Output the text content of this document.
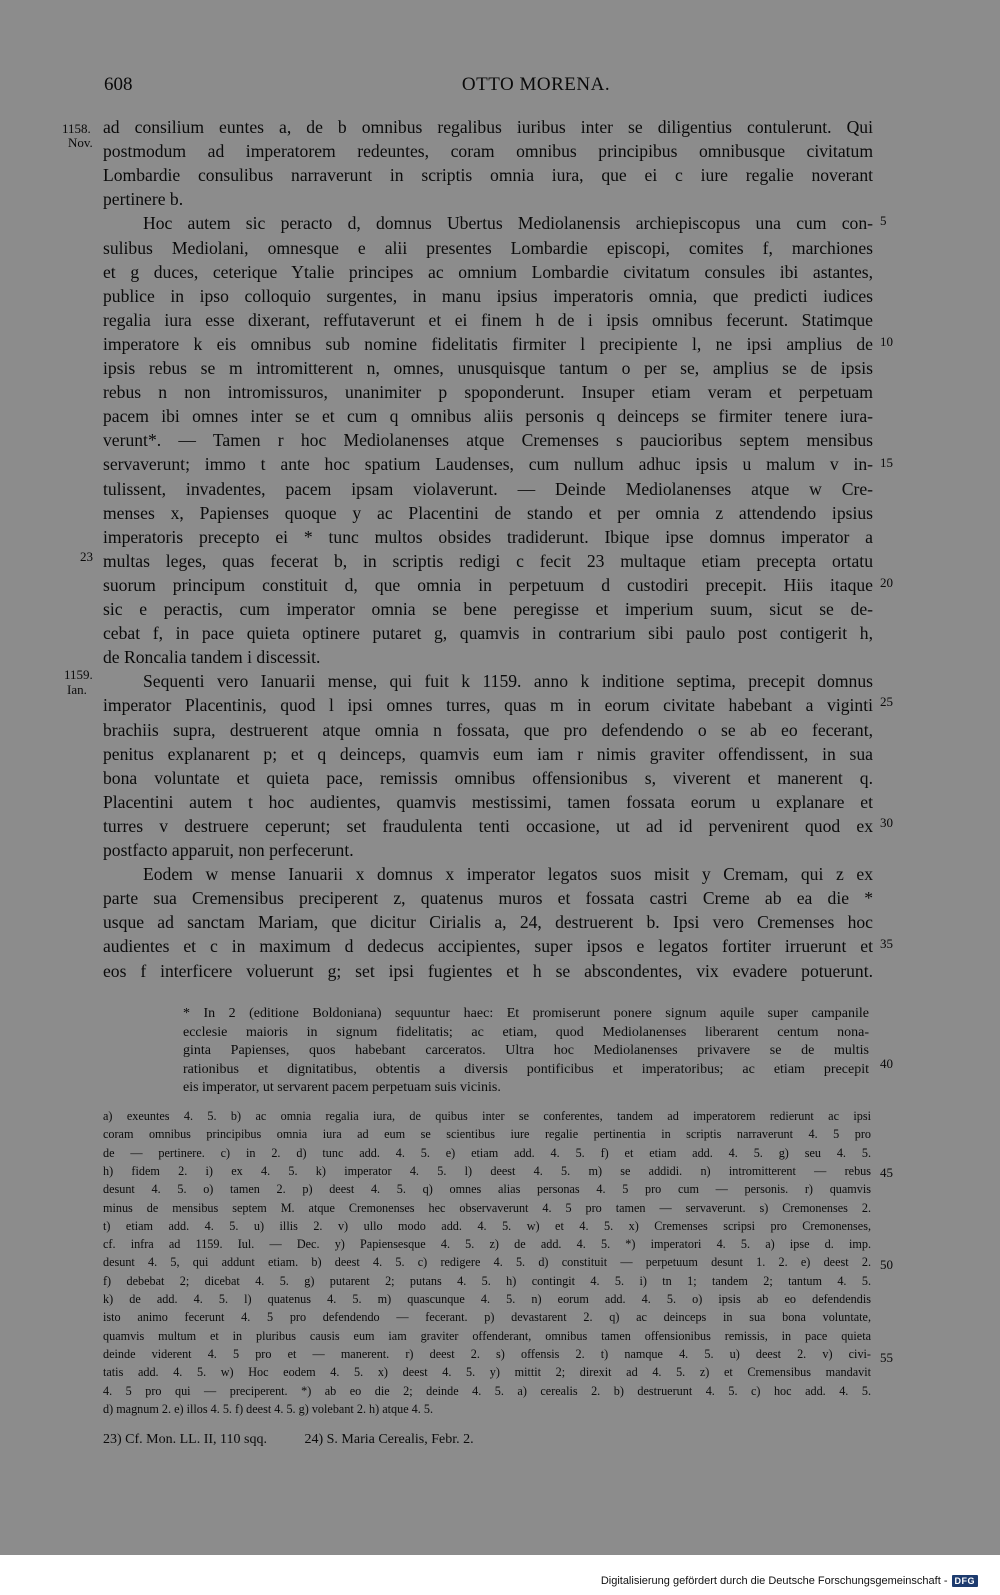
608	OTTO MORENA.
1158.
Nov.
23
1159.
Ian.
5
10
15
20
25
30
35
40
45
50
55
ad consilium euntes a, de b omnibus regalibus iuribus inter se diligentius contulerunt. Qui
postmodum ad imperatorem redeuntes, coram omnibus principibus omnibusque civitatum
Lombardie consulibus narraverunt in scriptis omnia iura, que ei c iure regalie noverant
pertinere b.
Hoc autem sic peracto d, domnus Ubertus Mediolanensis archiepiscopus una cum con-
sulibus Mediolani, omnesque e alii presentes Lombardie episcopi, comites f, marchiones
et g duces, ceterique Ytalie principes ac omnium Lombardie civitatum consules ibi astantes,
publice in ipso colloquio surgentes, in manu ipsius imperatoris omnia, que predicti iudices
regalia iura esse dixerant, reffutaverunt et ei finem h de i ipsis omnibus fecerunt. Statimque
imperatore k eis omnibus sub nomine fidelitatis firmiter l precipiente l, ne ipsi amplius de
ipsis rebus se m intromitterent n, omnes, unusquisque tantum o per se, amplius se de ipsis
rebus n non intromissuros, unanimiter p spoponderunt. Insuper etiam veram et perpetuam
pacem ibi omnes inter se et cum q omnibus aliis personis q deinceps se firmiter tenere iura-
verunt*. — Tamen r hoc Mediolanenses atque Cremenses s paucioribus septem mensibus
servaverunt; immo t ante hoc spatium Laudenses, cum nullum adhuc ipsis u malum v in-
tulissent, invadentes, pacem ipsam violaverunt. — Deinde Mediolanenses atque w Cre-
menses x, Papienses quoque y ac Placentini de stando et per omnia z attendendo ipsius
imperatoris precepto ei * tunc multos obsides tradiderunt. Ibique ipse domnus imperator a
multas leges, quas fecerat b, in scriptis redigi c fecit 23 multaque etiam precepta ortatu
suorum principum constituit d, que omnia in perpetuum d custodiri precepit. Hiis itaque
sic e peractis, cum imperator omnia se bene peregisse et imperium suum, sicut se de-
cebat f, in pace quieta optinere putaret g, quamvis in contrarium sibi paulo post contigerit h,
de Roncalia tandem i discessit.
Sequenti vero Ianuarii mense, qui fuit k 1159. anno k inditione septima, precepit domnus
imperator Placentinis, quod l ipsi omnes turres, quas m in eorum civitate habebant a viginti
brachiis supra, destruerent atque omnia n fossata, que pro defendendo o se ab eo fecerant,
penitus explanarent p; et q deinceps, quamvis eum iam r nimis graviter offendissent, in sua
bona voluntate et quieta pace, remissis omnibus offensionibus s, viverent et manerent q.
Placentini autem t hoc audientes, quamvis mestissimi, tamen fossata eorum u explanare et
turres v destruere ceperunt; set fraudulenta tenti occasione, ut ad id pervenirent quod ex
postfacto apparuit, non perfecerunt.
Eodem w mense Ianuarii x domnus x imperator legatos suos misit y Cremam, qui z ex
parte sua Cremensibus preciperent z, quatenus muros et fossata castri Creme ab ea die *
usque ad sanctam Mariam, que dicitur Cirialis a, 24, destruerent b. Ipsi vero Cremenses hoc
audientes et c in maximum d dedecus accipientes, super ipsos e legatos fortiter irruerunt et
eos f interficere voluerunt g; set ipsi fugientes et h se abscondentes, vix evadere potuerunt.
* In 2 (editione Boldoniana) sequuntur haec: Et promiserunt ponere signum aquile super campanile
ecclesie maioris in signum fidelitatis; ac etiam, quod Mediolanenses liberarent centum nona-
ginta Papienses, quos habebant carceratos. Ultra hoc Mediolanenses privavere se de multis
rationibus et dignitatibus, obtentis a diversis pontificibus et imperatoribus; ac etiam precepit
eis imperator, ut servarent pacem perpetuam suis vicinis.
a) exeuntes 4. 5. b) ac omnia regalia iura, de quibus inter se conferentes, tandem ad imperatorem redierunt ac ipsi
coram omnibus principibus omnia iura ad eum se scientibus iure regalie pertinentia in scriptis narraverunt 4. 5 pro
de — pertinere. c) in 2. d) tunc add. 4. 5. e) etiam add. 4. 5. f) et etiam add. 4. 5. g) seu 4. 5.
h) fidem 2. i) ex 4. 5. k) imperator 4. 5. l) deest 4. 5. m) se addidi. n) intromitterent — rebus
desunt 4. 5. o) tamen 2. p) deest 4. 5. q) omnes alias personas 4. 5 pro cum — personis. r) quamvis
minus de mensibus septem M. atque Cremonenses hec observaverunt 4. 5 pro tamen — servaverunt. s) Cremonenses 2.
t) etiam add. 4. 5. u) illis 2. v) ullo modo add. 4. 5. w) et 4. 5. x) Cremenses scripsi pro Cremonenses,
cf. infra ad 1159. Iul. — Dec. y) Papiensesque 4. 5. z) de add. 4. 5. *) imperatori 4. 5. a) ipse d. imp.
desunt 4. 5, qui addunt etiam. b) deest 4. 5. c) redigere 4. 5. d) constituit — perpetuum desunt 1. 2. e) deest 2.
f) debebat 2; dicebat 4. 5. g) putarent 2; putans 4. 5. h) contingit 4. 5. i) tn 1; tandem 2; tantum 4. 5.
k) de add. 4. 5. l) quatenus 4. 5. m) quascunque 4. 5. n) eorum add. 4. 5. o) ipsis ab eo defendendis
isto animo fecerunt 4. 5 pro defendendo — fecerant. p) devastarent 2. q) ac deinceps in sua bona voluntate,
quamvis multum et in pluribus causis eum iam graviter offenderant, omnibus tamen offensionibus remissis, in pace quieta
deinde viderent 4. 5 pro et — manerent. r) deest 2. s) offensis 2. t) namque 4. 5. u) deest 2. v) civi-
tatis add. 4. 5. w) Hoc eodem 4. 5. x) deest 4. 5. y) mittit 2; direxit ad 4. 5. z) et Cremensibus mandavit
4. 5 pro qui — preciperent. *) ab eo die 2; deinde 4. 5. a) cerealis 2. b) destruerunt 4. 5. c) hoc add. 4. 5.
d) magnum 2. e) illos 4. 5. f) deest 4. 5. g) volebant 2. h) atque 4. 5.
23) Cf. Mon. LL. II, 110 sqq.	24) S. Maria Cerealis, Febr. 2.
Digitalisierung gefördert durch die Deutsche Forschungsgemeinschaft - DFG
